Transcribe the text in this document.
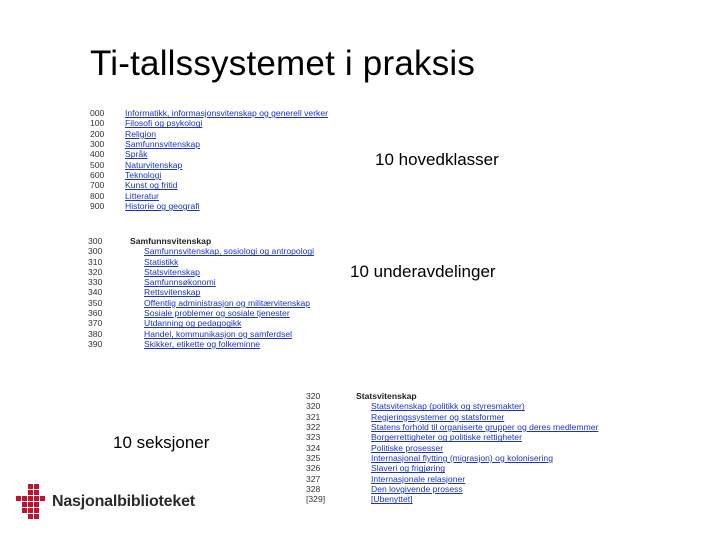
Ti-tallssystemet i praksis
000	Informatikk, informasjonsvitenskap og generell verker
100	Filosofi og psykologi
200	Religion
300	Samfunnsvitenskap
400	Språk
500	Naturvitenskap
600	Teknologi
700	Kunst og fritid
800	Litteratur
900	Historie og geografi
10 hovedklasser
300	Samfunnsvitenskap
300	Samfunnsvitenskap, sosiologi og antropologi
310	Statistikk
320	Statsvitenskap
330	Samfunnsøkonomi
340	Rettsvitenskap
350	Offentlig administrasjon og militærvitenskap
360	Sosiale problemer og sosiale tjenester
370	Utdanning og pedagogikk
380	Handel, kommunikasjon og samferdsel
390	Skikker, etikette og folkeminne
10 underavdelinger
320	Statsvitenskap
320	Statsvitenskap (politikk og styresmakter)
321	Regjeringssystemer og statsformer
322	Statens forhold til organiserte grupper og deres medlemmer
323	Borgerrettigheter og politiske rettigheter
324	Politiske prosesser
325	Internasjonal flytting (migrasjon) og kolonisering
326	Slaveri og frigjøring
327	Internasjonale relasjoner
328	Den lovgivende prosess
[329]	[Ubenyttet]
10 seksjoner
Nasjonalbiblioteket
